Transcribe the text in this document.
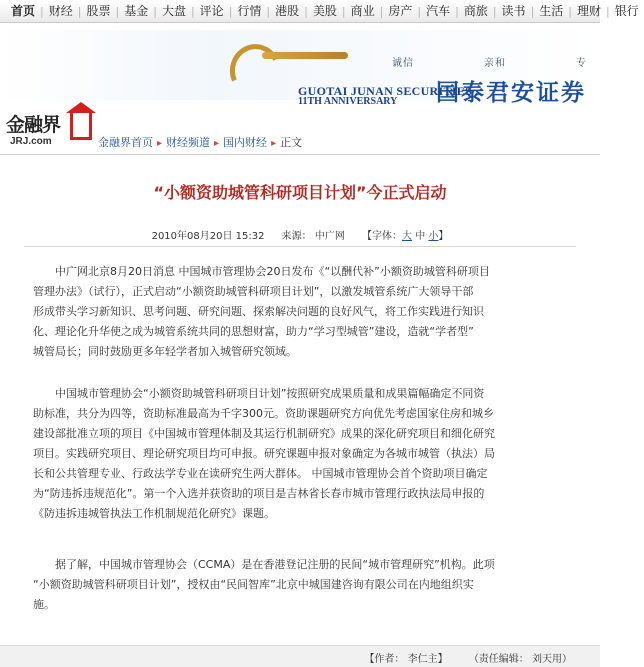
首页 | 财经 | 股票 | 基金 | 大盘 | 评论 | 行情 | 港股 | 美股 | 商业 | 房产 | 汽车 | 商旅 | 读书 | 生活 | 理财 | 银行
诚信	亲和	专
GUOTAI JUNAN SECURITIES
11TH ANNIVERSARY 国泰君安证券
金融界
JRJ.com	金融界首页 ▸ 财经频道 ▸ 国内财经 ▸ 正文
“小额资助城管科研项目计划”今正式启动
2010年08月20日 15:32 来源： 中广网 【字体：大 中 小】
中广网北京8月20日消息 中国城市管理协会20日发布《“以酬代补”小额资助城管科研项目
管理办法》（试行），正式启动“小额资助城管科研项目计划”，以激发城管系统广大领导干部
形成带头学习新知识、思考问题、研究问题、探索解决问题的良好风气，将工作实践进行知识
化、理论化升华使之成为城管系统共同的思想财富，助力“学习型城管”建设，造就“学者型”
城管局长；同时鼓励更多年轻学者加入城管研究领域。
中国城市管理协会“小额资助城管科研项目计划”按照研究成果质量和成果篇幅确定不同资
助标准，共分为四等，资助标准最高为千字300元。资助课题研究方向优先考虑国家住房和城乡
建设部批准立项的项目《中国城市管理体制及其运行机制研究》成果的深化研究项目和细化研究
项目。实践研究项目、理论研究项目均可申报。研究课题申报对象确定为各城市城管（执法）局
长和公共管理专业、行政法学专业在读研究生两大群体。 中国城市管理协会首个资助项目确定
为“防违拆违规范化”。第一个入选并获资助的项目是吉林省长春市城市管理行政执法局申报的
《防违拆违城管执法工作机制规范化研究》课题。
据了解，中国城市管理协会（CCMA）是在香港登记注册的民间“城市管理研究”机构。此项
“小额资助城管科研项目计划”，授权由“民间智库”北京中城国建咨询有限公司在内地组织实
施。
【作者： 李仁主】 （责任编辑： 刘天用）
